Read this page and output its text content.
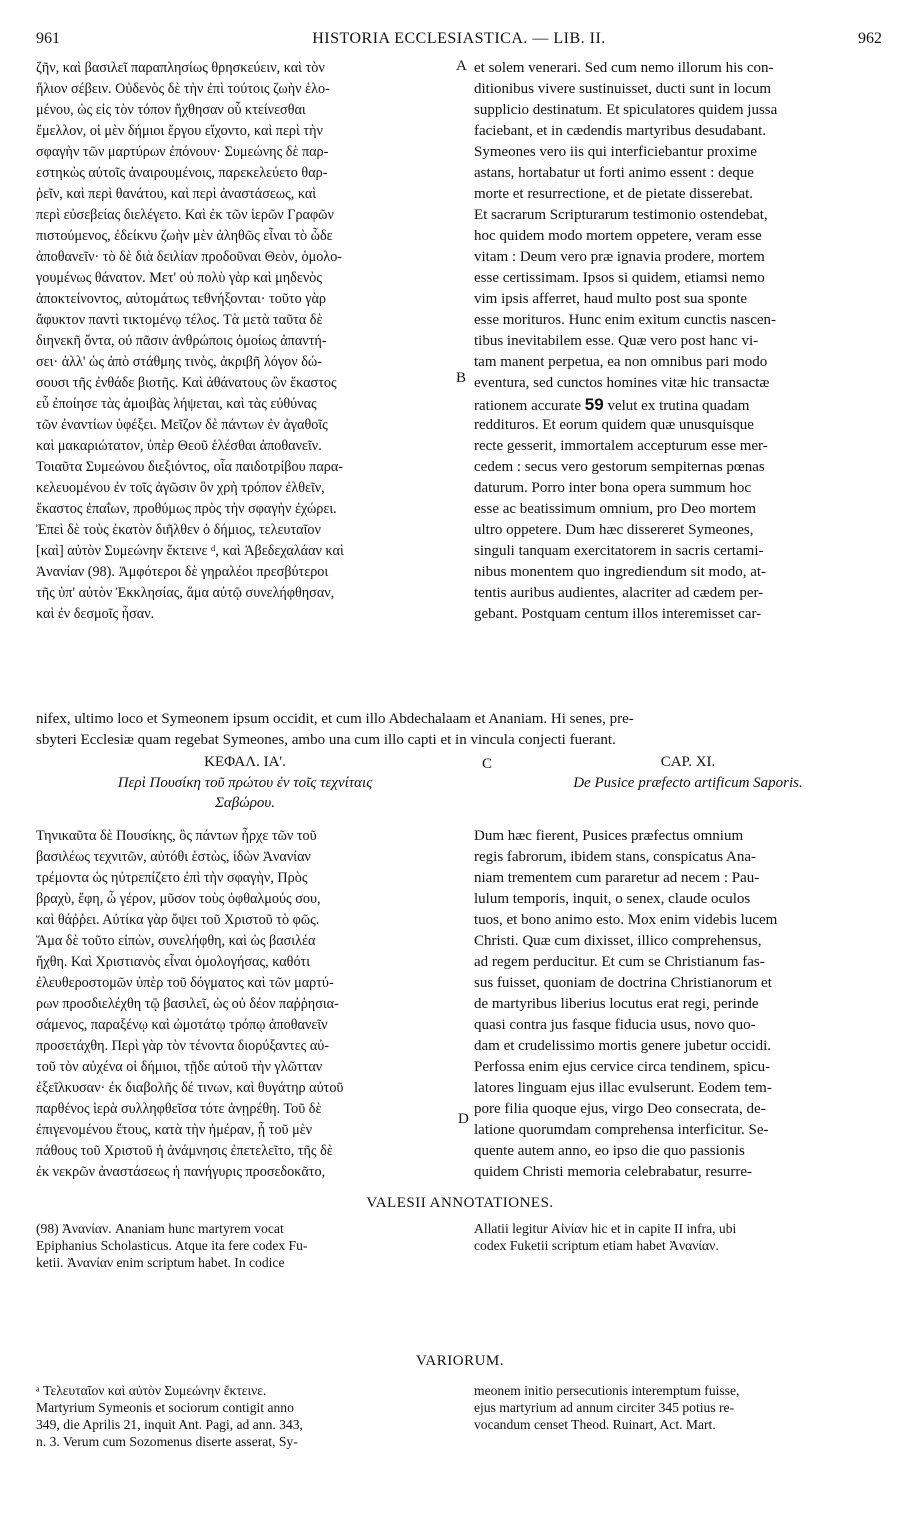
961	HISTORIA ECCLESIASTICA. — LIB. II.	962
ζῆν, καὶ βασιλεῖ παραπλησίως θρησκεύειν, καὶ τὸν
ἥλιον σέβειν. Οὐδενὸς δὲ τὴν ἐπὶ τούτοις ζωὴν ἑλο-
μένου, ὡς εἰς τὸν τόπον ἤχθησαν οὗ κτείνεσθαι
ἔμελλον, οἱ μὲν δήμιοι ἔργου εἴχοντο, καὶ περὶ τὴν
σφαγὴν τῶν μαρτύρων ἐπόνουν· Συμεώνης δὲ παρ-
εστηκὼς αὐτοῖς ἀναιρουμένοις, παρεκελεύετο θαρ-
ῥεῖν, καὶ περὶ θανάτου, καὶ περὶ ἀναστάσεως, καὶ
περὶ εὐσεβείας διελέγετο. Καὶ ἐκ τῶν ἱερῶν Γραφῶν
πιστούμενος, ἐδείκνυ ζωὴν μὲν ἀληθῶς εἶναι τὸ ὧδε
ἀποθανεῖν· τὸ δὲ διὰ δειλίαν προδοῦναι Θεὸν, ὁμολο-
γουμένως θάνατον. Μετ' οὐ πολὺ γὰρ καὶ μηδενὸς
ἀποκτείνοντος, αὐτομάτως τεθνήξονται· τοῦτο γὰρ
ἄφυκτον παντὶ τικτομένῳ τέλος. Τὰ μετὰ ταῦτα δὲ
διηνεκῆ ὄντα, οὐ πᾶσιν ἀνθρώποις ὁμοίως ἀπαντή-
σει· ἀλλ' ὡς ἀπὸ στάθμης τινὸς, ἀκριβῆ λόγον δώ-
σουσι τῆς ἐνθάδε βιοτῆς. Καὶ ἀθάνατους ὢν ἕκαστος
εὖ ἐποίησε τὰς ἀμοιβὰς λήψεται, καὶ τὰς εὐθύνας
τῶν ἐναντίων ὑφέξει. Μεῖζον δὲ πάντων ἐν ἀγαθοῖς
καὶ μακαριώτατον, ὑπὲρ Θεοῦ ἑλέσθαι ἀποθανεῖν.
Τοιαῦτα Συμεώνου διεξιόντος, οἷα παιδοτρίβου παρα-
κελευομένου ἐν τοῖς ἀγῶσιν ὃν χρὴ τρόπον ἐλθεῖν,
ἕκαστος ἐπαΐων, προθύμως πρὸς τὴν σφαγὴν ἐχώρει.
Ἐπεὶ δὲ τοὺς ἑκατὸν διῆλθεν ὁ δήμιος, τελευταῖον
[καὶ] αὐτὸν Συμεώνην ἔκτεινε ᵈ, καὶ Ἀβεδεχαλάαν καὶ
Ἀνανίαν (98). Ἀμφότεροι δὲ γηραλέοι πρεσβύτεροι
τῆς ὑπ' αὐτὸν Ἐκκλησίας, ἅμα αὐτῷ συνελήφθησαν,
καὶ ἐν δεσμοῖς ἦσαν.
et solem venerari. Sed cum nemo illorum his con-
ditionibus vivere sustinuisset, ducti sunt in locum
supplicio destinatum. Et spiculatores quidem jussa
faciebant, et in cædendis martyribus desudabant.
Symeones vero iis qui interficiebantur proxime
astans, hortabatur ut forti animo essent : deque
morte et resurrectione, et de pietate disserebat.
Et sacrarum Scripturarum testimonio ostendebat,
hoc quidem modo mortem oppetere, veram esse
vitam : Deum vero præ ignavia prodere, mortem
esse certissimam. Ipsos si quidem, etiamsi nemo
vim ipsis afferret, haud multo post sua sponte
esse morituros. Hunc enim exitum cunctis nascen-
tibus inevitabilem esse. Quæ vero post hanc vi-
tam manent perpetua, ea non omnibus pari modo
eventura, sed cunctos homines vitæ hic transactæ
rationem accurate 59 velut ex trutina quadam
reddituros. Et eorum quidem quæ unusquisque
recte gesserit, immortalem accepturum esse mer-
cedem : secus vero gestorum sempiternas pœnas
daturum. Porro inter bona opera summum hoc
esse ac beatissimum omnium, pro Deo mortem
ultro oppetere. Dum hæc dissereret Symeones,
singuli tanquam exercitatorem in sacris certami-
nibus monentem quo ingrediendum sit modo, at-
tentis auribus audientes, alacriter ad cædem per-
gebant. Postquam centum illos interemisset car-
A
B
nifex, ultimo loco et Symeonem ipsum occidit, et cum illo Abdechalaam et Ananiam. Hi senes, pre-
sbyteri Ecclesiæ quam regebat Symeones, ambo una cum illo capti et in vincula conjecti fuerant.
ΚΕΦΑΛ. ΙΑ'.
Περὶ Πουσίκη τοῦ πρώτου ἐν τοῖς τεχνίταις
Σαβώρου.
C	CAP. XI.
De Pusice præfecto artificum Saporis.
Τηνικαῦτα δὲ Πουσίκης, ὃς πάντων ἦρχε τῶν τοῦ
βασιλέως τεχνιτῶν, αὐτόθι ἑστὼς, ἰδὼν Ἀνανίαν
τρέμοντα ὡς ηὐτρεπίζετο ἐπὶ τὴν σφαγὴν, Πρὸς
βραχὺ, ἔφη, ὦ γέρον, μῦσον τοὺς ὀφθαλμούς σου,
καὶ θάῤῥει. Αὐτίκα γὰρ ὄψει τοῦ Χριστοῦ τὸ φῶς.
Ἅμα δὲ τοῦτο εἰπὼν, συνελήφθη, καὶ ὡς βασιλέα
ἤχθη. Καὶ Χριστιανὸς εἶναι ὁμολογήσας, καθότι
ἐλευθεροστομῶν ὑπὲρ τοῦ δόγματος καὶ τῶν μαρτύ-
ρων προσδιελέχθη τῷ βασιλεῖ, ὡς οὐ δέον παῤῥησια-
σάμενος, παραξένῳ καὶ ὠμοτάτῳ τρόπῳ ἀποθανεῖν
προσετάχθη. Περὶ γὰρ τὸν τένοντα διορύξαντες αὐ-
τοῦ τὸν αὐχένα οἱ δήμιοι, τῇδε αὐτοῦ τὴν γλῶτταν
ἐξεῖλκυσαν· ἐκ διαβολῆς δέ τινων, καὶ θυγάτηρ αὐτοῦ
παρθένος ἱερὰ συλληφθεῖσα τότε ἀνῃρέθη. Τοῦ δὲ
ἐπιγενομένου ἔτους, κατὰ τὴν ἡμέραν, ᾗ τοῦ μὲν
πάθους τοῦ Χριστοῦ ἡ ἀνάμνησις ἐπετελεῖτο, τῆς δὲ
ἐκ νεκρῶν ἀναστάσεως ἡ πανήγυρις προσεδοκᾶτο,
Dum hæc fierent, Pusices præfectus omnium
regis fabrorum, ibidem stans, conspicatus Ana-
niam trementem cum pararetur ad necem : Pau-
lulum temporis, inquit, o senex, claude oculos
tuos, et bono animo esto. Mox enim videbis lucem
Christi. Quæ cum dixisset, illico comprehensus,
ad regem perducitur. Et cum se Christianum fas-
sus fuisset, quoniam de doctrina Christianorum et
de martyribus liberius locutus erat regi, perinde
quasi contra jus fasque fiducia usus, novo quo-
dam et crudelissimo mortis genere jubetur occidi.
Perfossa enim ejus cervice circa tendinem, spicu-
latores linguam ejus illac evulserunt. Eodem tem-
pore filia quoque ejus, virgo Deo consecrata, de-
latione quorumdam comprehensa interficitur. Se-
quente autem anno, eo ipso die quo passionis
quidem Christi memoria celebrabatur, resurre-
D
VALESII ANNOTATIONES.
(98) Ἀνανίαν. Ananiam hunc martyrem vocat
Epiphanius Scholasticus. Atque ita fere codex Fu-
ketii. Ἀνανίαν enim scriptum habet. In codice
Allatii legitur Αἰνίαν hic et in capite II infra, ubi
codex Fuketii scriptum etiam habet Ἀνανίαν.
VARIORUM.
ᵃ Τελευταῖον καὶ αὐτὸν Συμεώνην ἔκτεινε.
Martyrium Symeonis et sociorum contigit anno
349, die Aprilis 21, inquit Ant. Pagi, ad ann. 343,
n. 3. Verum cum Sozomenus diserte asserat, Sy-
meonem initio persecutionis interemptum fuisse,
ejus martyrium ad annum circiter 345 potius re-
vocandum censet Theod. Ruinart, Act. Mart.
